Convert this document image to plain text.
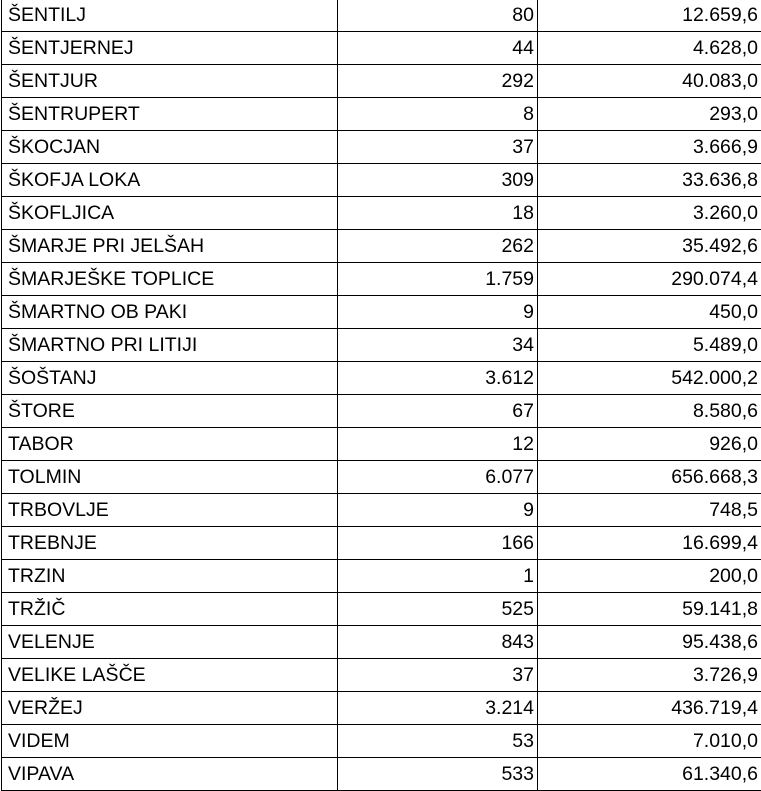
ŠENTILJ	80	12.659,6
ŠENTJERNEJ	44	4.628,0
ŠENTJUR	292	40.083,0
ŠENTRUPERT	8	293,0
ŠKOCJAN	37	3.666,9
ŠKOFJA LOKA	309	33.636,8
ŠKOFLJICA	18	3.260,0
ŠMARJE PRI JELŠAH	262	35.492,6
ŠMARJEŠKE TOPLICE	1.759	290.074,4
ŠMARTNO OB PAKI	9	450,0
ŠMARTNO PRI LITIJI	34	5.489,0
ŠOŠTANJ	3.612	542.000,2
ŠTORE	67	8.580,6
TABOR	12	926,0
TOLMIN	6.077	656.668,3
TRBOVLJE	9	748,5
TREBNJE	166	16.699,4
TRZIN	1	200,0
TRŽIČ	525	59.141,8
VELENJE	843	95.438,6
VELIKE LAŠČE	37	3.726,9
VERŽEJ	3.214	436.719,4
VIDEM	53	7.010,0
VIPAVA	533	61.340,6
